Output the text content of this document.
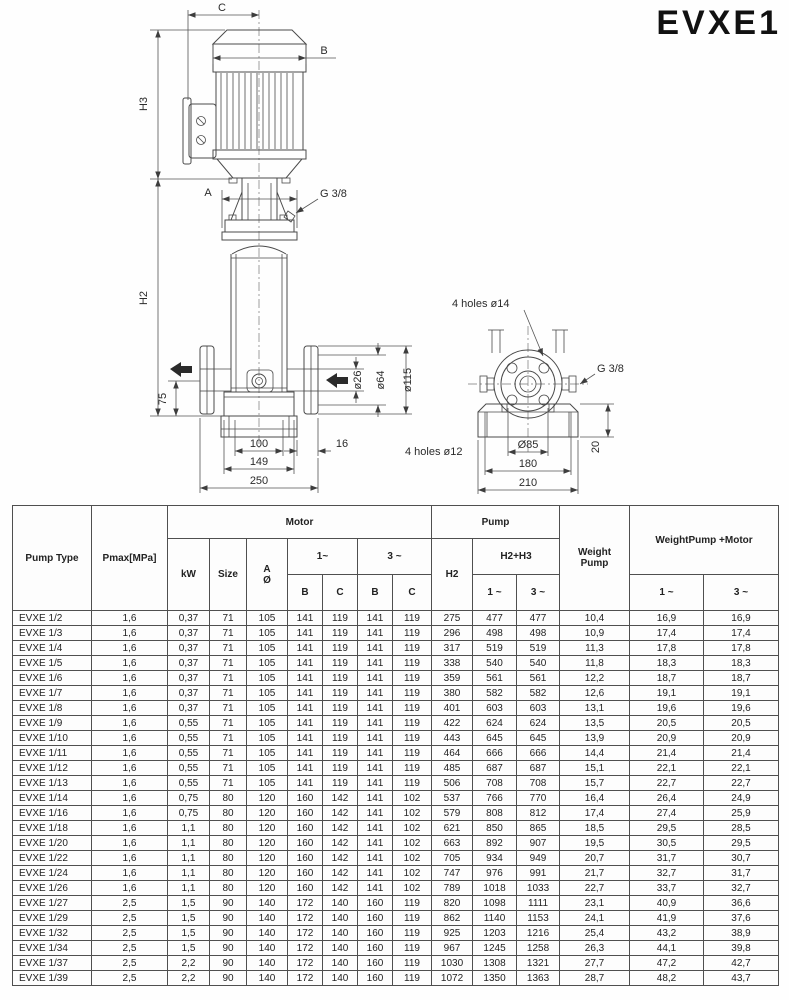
C
B
H3
H2
75
A	G 3/8
ø26 ø64 ø115
100	16
149
250
4 holes ø14
G 3/8
4 holes ø12
Ø85
180
210
20
EVXE1
Pump Type	Pmax[MPa]	Motor							Pump			Weight Pump	WeightPump +Motor	
		kW	Size	A
Ø	1~		3 ~		H2	H2+H3				
					B	C	B	C		1 ~	3 ~		1 ~	3 ~
EVXE 1/2	1,6	0,37	71	105	141	119	141	119	275	477	477	10,4	16,9	16,9
EVXE 1/3	1,6	0,37	71	105	141	119	141	119	296	498	498	10,9	17,4	17,4
EVXE 1/4	1,6	0,37	71	105	141	119	141	119	317	519	519	11,3	17,8	17,8
EVXE 1/5	1,6	0,37	71	105	141	119	141	119	338	540	540	11,8	18,3	18,3
EVXE 1/6	1,6	0,37	71	105	141	119	141	119	359	561	561	12,2	18,7	18,7
EVXE 1/7	1,6	0,37	71	105	141	119	141	119	380	582	582	12,6	19,1	19,1
EVXE 1/8	1,6	0,37	71	105	141	119	141	119	401	603	603	13,1	19,6	19,6
EVXE 1/9	1,6	0,55	71	105	141	119	141	119	422	624	624	13,5	20,5	20,5
EVXE 1/10	1,6	0,55	71	105	141	119	141	119	443	645	645	13,9	20,9	20,9
EVXE 1/11	1,6	0,55	71	105	141	119	141	119	464	666	666	14,4	21,4	21,4
EVXE 1/12	1,6	0,55	71	105	141	119	141	119	485	687	687	15,1	22,1	22,1
EVXE 1/13	1,6	0,55	71	105	141	119	141	119	506	708	708	15,7	22,7	22,7
EVXE 1/14	1,6	0,75	80	120	160	142	141	102	537	766	770	16,4	26,4	24,9
EVXE 1/16	1,6	0,75	80	120	160	142	141	102	579	808	812	17,4	27,4	25,9
EVXE 1/18	1,6	1,1	80	120	160	142	141	102	621	850	865	18,5	29,5	28,5
EVXE 1/20	1,6	1,1	80	120	160	142	141	102	663	892	907	19,5	30,5	29,5
EVXE 1/22	1,6	1,1	80	120	160	142	141	102	705	934	949	20,7	31,7	30,7
EVXE 1/24	1,6	1,1	80	120	160	142	141	102	747	976	991	21,7	32,7	31,7
EVXE 1/26	1,6	1,1	80	120	160	142	141	102	789	1018	1033	22,7	33,7	32,7
EVXE 1/27	2,5	1,5	90	140	172	140	160	119	820	1098	1111	23,1	40,9	36,6
EVXE 1/29	2,5	1,5	90	140	172	140	160	119	862	1140	1153	24,1	41,9	37,6
EVXE 1/32	2,5	1,5	90	140	172	140	160	119	925	1203	1216	25,4	43,2	38,9
EVXE 1/34	2,5	1,5	90	140	172	140	160	119	967	1245	1258	26,3	44,1	39,8
EVXE 1/37	2,5	2,2	90	140	172	140	160	119	1030	1308	1321	27,7	47,2	42,7
EVXE 1/39	2,5	2,2	90	140	172	140	160	119	1072	1350	1363	28,7	48,2	43,7
